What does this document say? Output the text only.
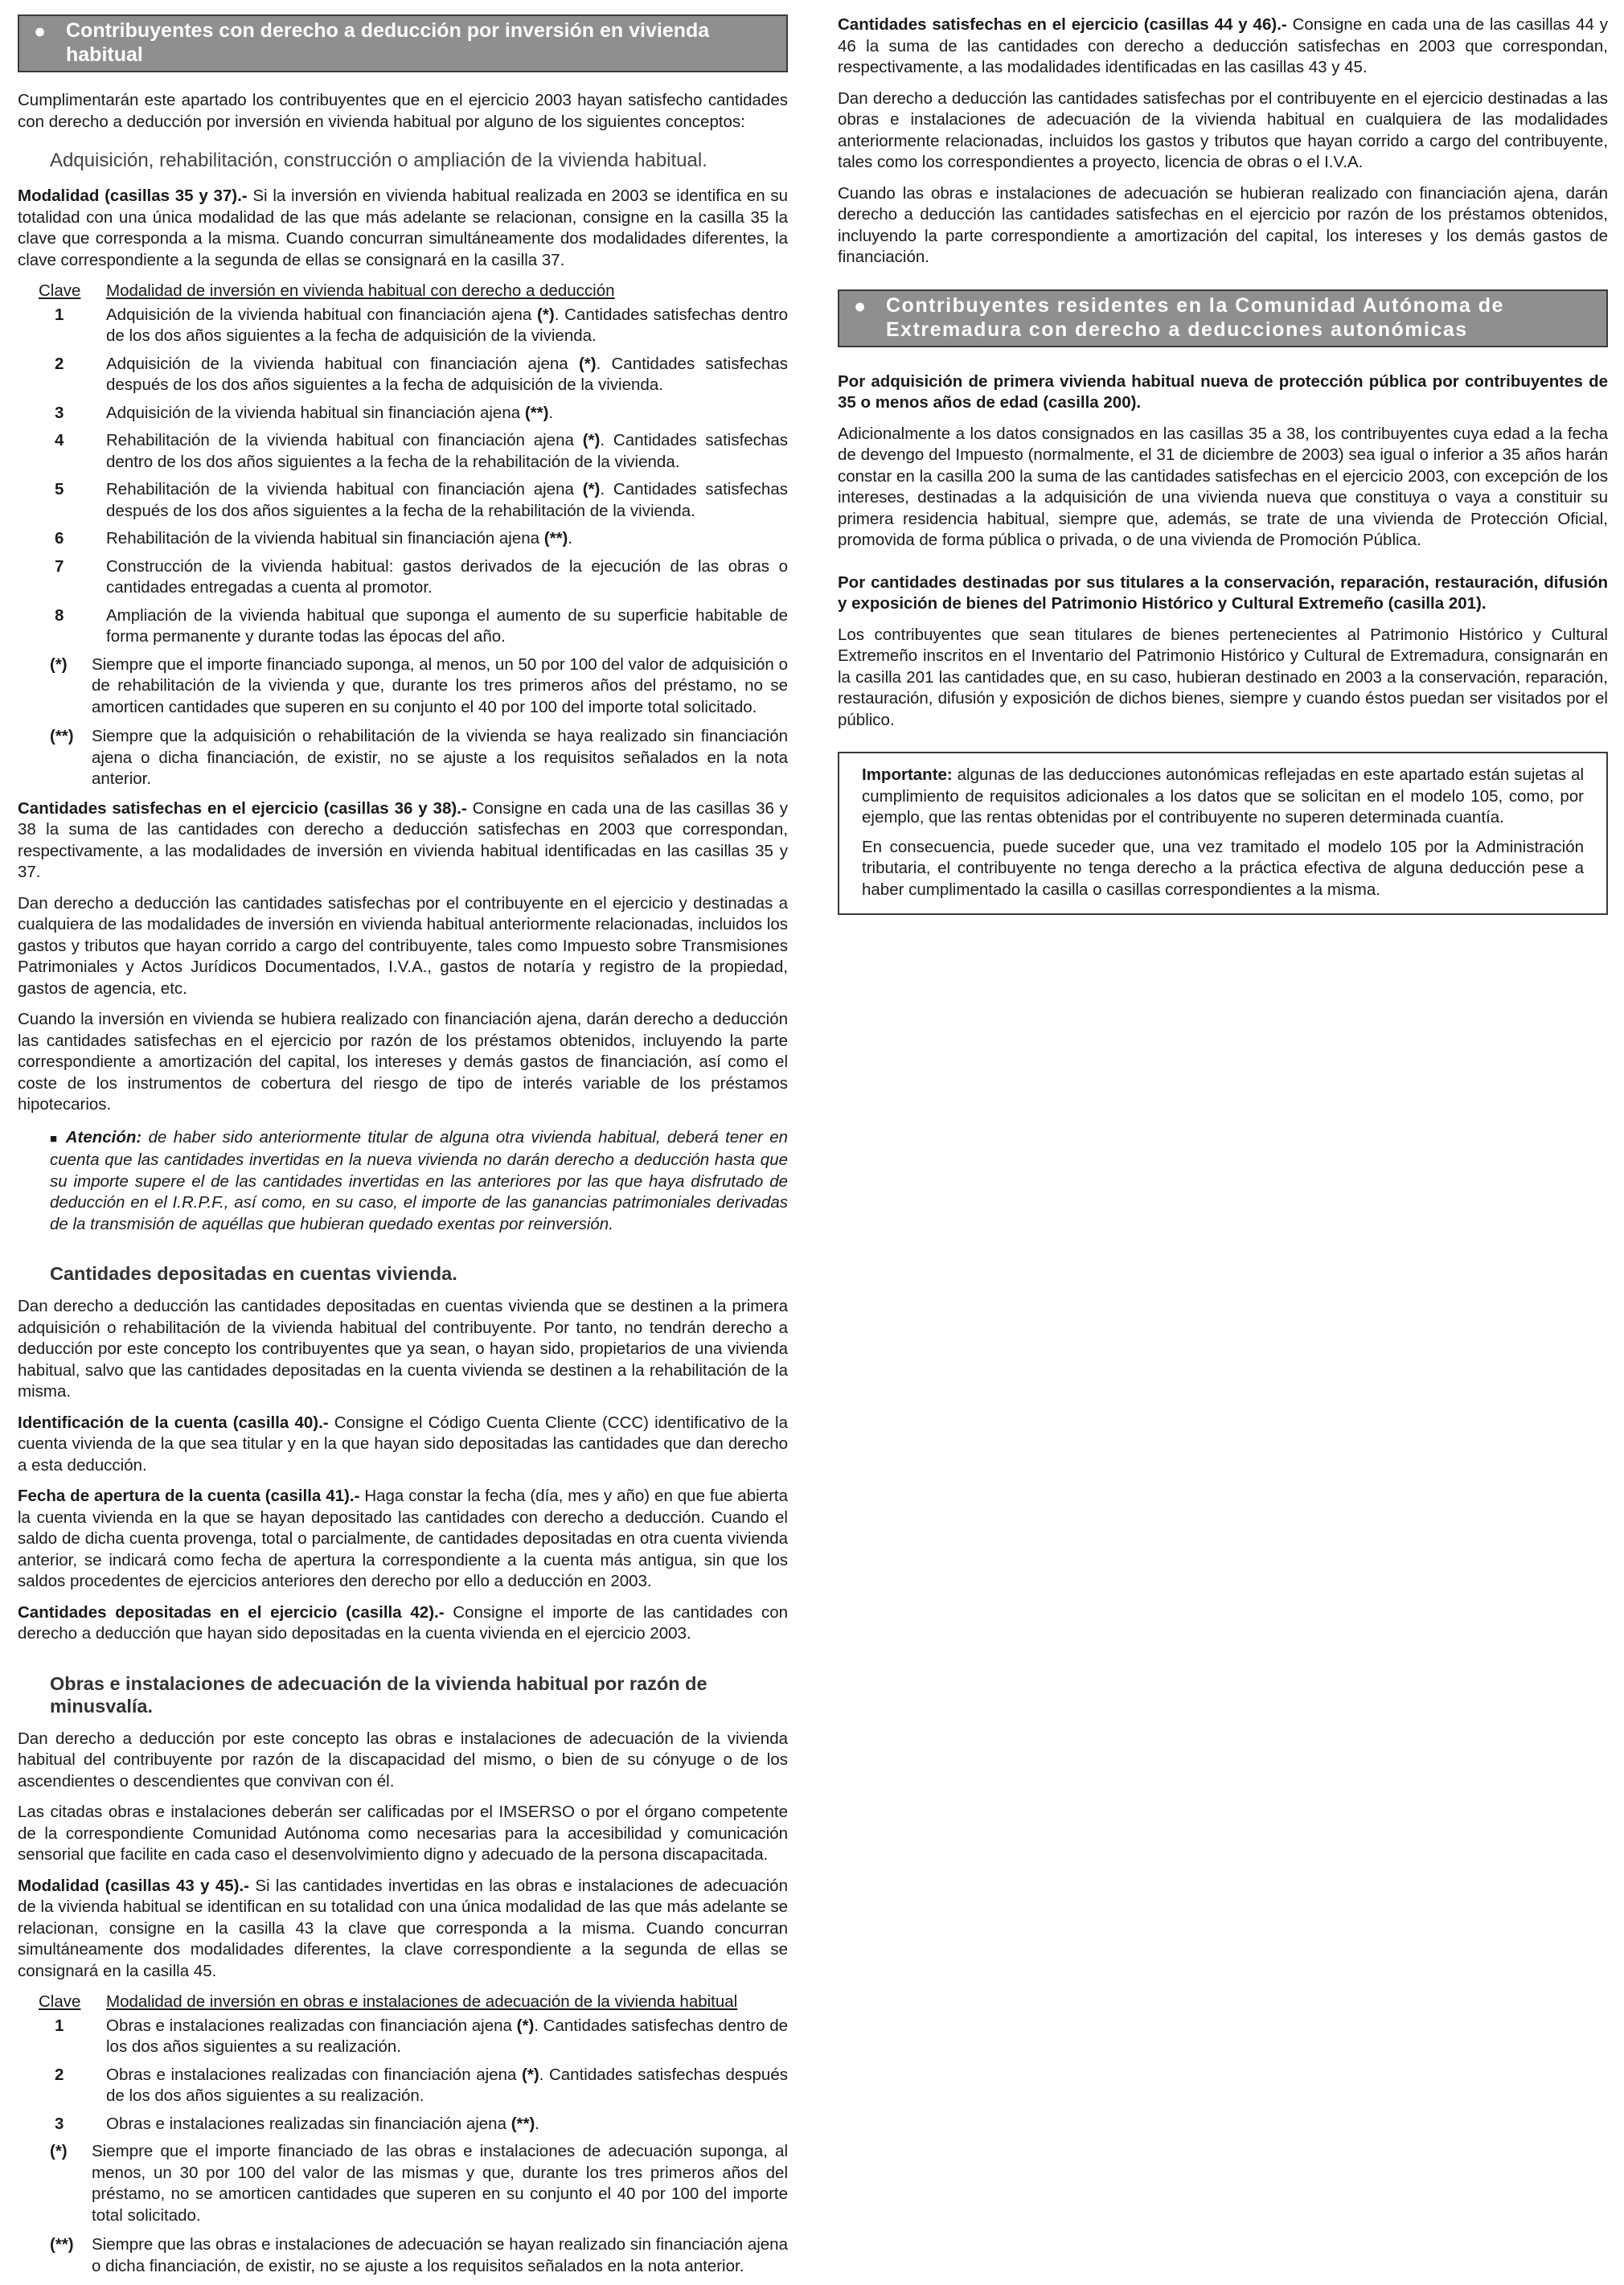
● Contribuyentes con derecho a deducción por inversión en vivienda habitual

Cumplimentarán este apartado los contribuyentes que en el ejercicio 2003 hayan satisfecho cantidades con derecho a deducción por inversión en vivienda habitual por alguno de los siguientes conceptos:

Adquisición, rehabilitación, construcción o ampliación de la vivienda habitual.

Modalidad (casillas 35 y 37).- Si la inversión en vivienda habitual realizada en 2003 se identifica en su totalidad con una única modalidad de las que más adelante se relacionan, consigne en la casilla 35 la clave que corresponda a la misma. Cuando concurran simultáneamente dos modalidades diferentes, la clave correspondiente a la segunda de ellas se consignará en la casilla 37.

Clave	Modalidad de inversión en vivienda habitual con derecho a deducción
1	Adquisición de la vivienda habitual con financiación ajena (*). Cantidades satisfechas dentro de los dos años siguientes a la fecha de adquisición de la vivienda.
2	Adquisición de la vivienda habitual con financiación ajena (*). Cantidades satisfechas después de los dos años siguientes a la fecha de adquisición de la vivienda.
3	Adquisición de la vivienda habitual sin financiación ajena (**).
4	Rehabilitación de la vivienda habitual con financiación ajena (*). Cantidades satisfechas dentro de los dos años siguientes a la fecha de la rehabilitación de la vivienda.
5	Rehabilitación de la vivienda habitual con financiación ajena (*). Cantidades satisfechas después de los dos años siguientes a la fecha de la rehabilitación de la vivienda.
6	Rehabilitación de la vivienda habitual sin financiación ajena (**).
7	Construcción de la vivienda habitual: gastos derivados de la ejecución de las obras o cantidades entregadas a cuenta al promotor.
8	Ampliación de la vivienda habitual que suponga el aumento de su superficie habitable de forma permanente y durante todas las épocas del año.
(*)	Siempre que el importe financiado suponga, al menos, un 50 por 100 del valor de adquisición o de rehabilitación de la vivienda y que, durante los tres primeros años del préstamo, no se amorticen cantidades que superen en su conjunto el 40 por 100 del importe total solicitado.
(**)	Siempre que la adquisición o rehabilitación de la vivienda se haya realizado sin financiación ajena o dicha financiación, de existir, no se ajuste a los requisitos señalados en la nota anterior.

Cantidades satisfechas en el ejercicio (casillas 36 y 38).- Consigne en cada una de las casillas 36 y 38 la suma de las cantidades con derecho a deducción satisfechas en 2003 que correspondan, respectivamente, a las modalidades de inversión en vivienda habitual identificadas en las casillas 35 y 37.

Dan derecho a deducción las cantidades satisfechas por el contribuyente en el ejercicio y destinadas a cualquiera de las modalidades de inversión en vivienda habitual anteriormente relacionadas, incluidos los gastos y tributos que hayan corrido a cargo del contribuyente, tales como Impuesto sobre Transmisiones Patrimoniales y Actos Jurídicos Documentados, I.V.A., gastos de notaría y registro de la propiedad, gastos de agencia, etc.

Cuando la inversión en vivienda se hubiera realizado con financiación ajena, darán derecho a deducción las cantidades satisfechas en el ejercicio por razón de los préstamos obtenidos, incluyendo la parte correspondiente a amortización del capital, los intereses y demás gastos de financiación, así como el coste de los instrumentos de cobertura del riesgo de tipo de interés variable de los préstamos hipotecarios.

■ Atención: de haber sido anteriormente titular de alguna otra vivienda habitual, deberá tener en cuenta que las cantidades invertidas en la nueva vivienda no darán derecho a deducción hasta que su importe supere el de las cantidades invertidas en las anteriores por las que haya disfrutado de deducción en el I.R.P.F., así como, en su caso, el importe de las ganancias patrimoniales derivadas de la transmisión de aquéllas que hubieran quedado exentas por reinversión.
Cantidades depositadas en cuentas vivienda.

Dan derecho a deducción las cantidades depositadas en cuentas vivienda que se destinen a la primera adquisición o rehabilitación de la vivienda habitual del contribuyente. Por tanto, no tendrán derecho a deducción por este concepto los contribuyentes que ya sean, o hayan sido, propietarios de una vivienda habitual, salvo que las cantidades depositadas en la cuenta vivienda se destinen a la rehabilitación de la misma.

Identificación de la cuenta (casilla 40).- Consigne el Código Cuenta Cliente (CCC) identificativo de la cuenta vivienda de la que sea titular y en la que hayan sido depositadas las cantidades que dan derecho a esta deducción.

Fecha de apertura de la cuenta (casilla 41).- Haga constar la fecha (día, mes y año) en que fue abierta la cuenta vivienda en la que se hayan depositado las cantidades con derecho a deducción. Cuando el saldo de dicha cuenta provenga, total o parcialmente, de cantidades depositadas en otra cuenta vivienda anterior, se indicará como fecha de apertura la correspondiente a la cuenta más antigua, sin que los saldos procedentes de ejercicios anteriores den derecho por ello a deducción en 2003.

Cantidades depositadas en el ejercicio (casilla 42).- Consigne el importe de las cantidades con derecho a deducción que hayan sido depositadas en la cuenta vivienda en el ejercicio 2003.

Obras e instalaciones de adecuación de la vivienda habitual por razón de minusvalía.

Dan derecho a deducción por este concepto las obras e instalaciones de adecuación de la vivienda habitual del contribuyente por razón de la discapacidad del mismo, o bien de su cónyuge o de los ascendientes o descendientes que convivan con él.

Las citadas obras e instalaciones deberán ser calificadas por el IMSERSO o por el órgano competente de la correspondiente Comunidad Autónoma como necesarias para la accesibilidad y comunicación sensorial que facilite en cada caso el desenvolvimiento digno y adecuado de la persona discapacitada.

Modalidad (casillas 43 y 45).- Si las cantidades invertidas en las obras e instalaciones de adecuación de la vivienda habitual se identifican en su totalidad con una única modalidad de las que más adelante se relacionan, consigne en la casilla 43 la clave que corresponda a la misma. Cuando concurran simultáneamente dos modalidades diferentes, la clave correspondiente a la segunda de ellas se consignará en la casilla 45.

Clave	Modalidad de inversión en obras e instalaciones de adecuación de la vivienda habitual
1	Obras e instalaciones realizadas con financiación ajena (*). Cantidades satisfechas dentro de los dos años siguientes a su realización.
2	Obras e instalaciones realizadas con financiación ajena (*). Cantidades satisfechas después de los dos años siguientes a su realización.
3	Obras e instalaciones realizadas sin financiación ajena (**).
(*)	Siempre que el importe financiado de las obras e instalaciones de adecuación suponga, al menos, un 30 por 100 del valor de las mismas y que, durante los tres primeros años del préstamo, no se amorticen cantidades que superen en su conjunto el 40 por 100 del importe total solicitado.
(**)	Siempre que las obras e instalaciones de adecuación se hayan realizado sin financiación ajena o dicha financiación, de existir, no se ajuste a los requisitos señalados en la nota anterior.

Cantidades satisfechas en el ejercicio (casillas 44 y 46).- Consigne en cada una de las casillas 44 y 46 la suma de las cantidades con derecho a deducción satisfechas en 2003 que correspondan, respectivamente, a las modalidades identificadas en las casillas 43 y 45.

Dan derecho a deducción las cantidades satisfechas por el contribuyente en el ejercicio destinadas a las obras e instalaciones de adecuación de la vivienda habitual en cualquiera de las modalidades anteriormente relacionadas, incluidos los gastos y tributos que hayan corrido a cargo del contribuyente, tales como los correspondientes a proyecto, licencia de obras o el I.V.A.

Cuando las obras e instalaciones de adecuación se hubieran realizado con financiación ajena, darán derecho a deducción las cantidades satisfechas en el ejercicio por razón de los préstamos obtenidos, incluyendo la parte correspondiente a amortización del capital, los intereses y los demás gastos de financiación.

● Contribuyentes residentes en la Comunidad Autónoma de Extremadura con derecho a deducciones autonómicas

Por adquisición de primera vivienda habitual nueva de protección pública por contribuyentes de 35 o menos años de edad (casilla 200).

Adicionalmente a los datos consignados en las casillas 35 a 38, los contribuyentes cuya edad a la fecha de devengo del Impuesto (normalmente, el 31 de diciembre de 2003) sea igual o inferior a 35 años harán constar en la casilla 200 la suma de las cantidades satisfechas en el ejercicio 2003, con excepción de los intereses, destinadas a la adquisición de una vivienda nueva que constituya o vaya a constituir su primera residencia habitual, siempre que, además, se trate de una vivienda de Protección Oficial, promovida de forma pública o privada, o de una vivienda de Promoción Pública.

Por cantidades destinadas por sus titulares a la conservación, reparación, restauración, difusión y exposición de bienes del Patrimonio Histórico y Cultural Extremeño (casilla 201).

Los contribuyentes que sean titulares de bienes pertenecientes al Patrimonio Histórico y Cultural Extremeño inscritos en el Inventario del Patrimonio Histórico y Cultural de Extremadura, consignarán en la casilla 201 las cantidades que, en su caso, hubieran destinado en 2003 a la conservación, reparación, restauración, difusión y exposición de dichos bienes, siempre y cuando éstos puedan ser visitados por el público.

Importante: algunas de las deducciones autonómicas reflejadas en este apartado están sujetas al cumplimiento de requisitos adicionales a los datos que se solicitan en el modelo 105, como, por ejemplo, que las rentas obtenidas por el contribuyente no superen determinada cuantía.

En consecuencia, puede suceder que, una vez tramitado el modelo 105 por la Administración tributaria, el contribuyente no tenga derecho a la práctica efectiva de alguna deducción pese a haber cumplimentado la casilla o casillas correspondientes a la misma.
